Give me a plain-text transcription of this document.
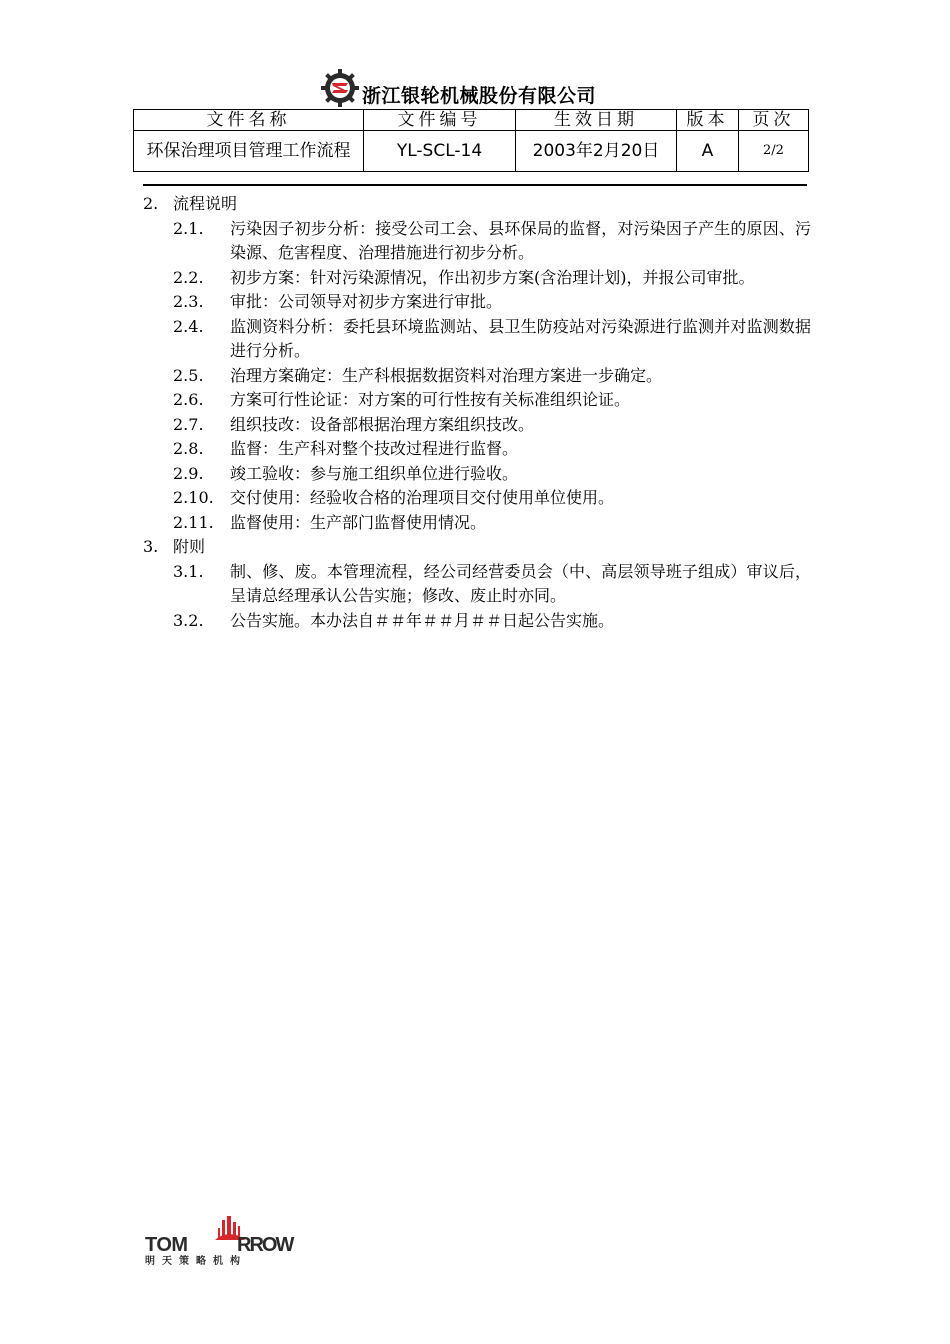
浙江银轮机械股份有限公司
文件名称	文件编号	生效日期	版本	页次
环保治理项目管理工作流程	YL-SCL-14	2003年2月20日	A	2/2
2. 流程说明
2.1.	污染因子初步分析：接受公司工会、县环保局的监督，对污染因子产生的原因、污染源、危害程度、治理措施进行初步分析。
2.2.	初步方案：针对污染源情况，作出初步方案(含治理计划)，并报公司审批。
2.3.	审批：公司领导对初步方案进行审批。
2.4.	监测资料分析：委托县环境监测站、县卫生防疫站对污染源进行监测并对监测数据进行分析。
2.5.	治理方案确定：生产科根据数据资料对治理方案进一步确定。
2.6.	方案可行性论证：对方案的可行性按有关标准组织论证。
2.7.	组织技改：设备部根据治理方案组织技改。
2.8.	监督：生产科对整个技改过程进行监督。
2.9.	竣工验收：参与施工组织单位进行验收。
2.10.	交付使用：经验收合格的治理项目交付使用单位使用。
2.11.	监督使用：生产部门监督使用情况。
3. 附则
3.1.	制、修、废。本管理流程，经公司经营委员会（中、高层领导班子组成）审议后，呈请总经理承认公告实施；修改、废止时亦同。
3.2.	公告实施。本办法自＃＃年＃＃月＃＃日起公告实施。
TOM RROW
明天策略机构
